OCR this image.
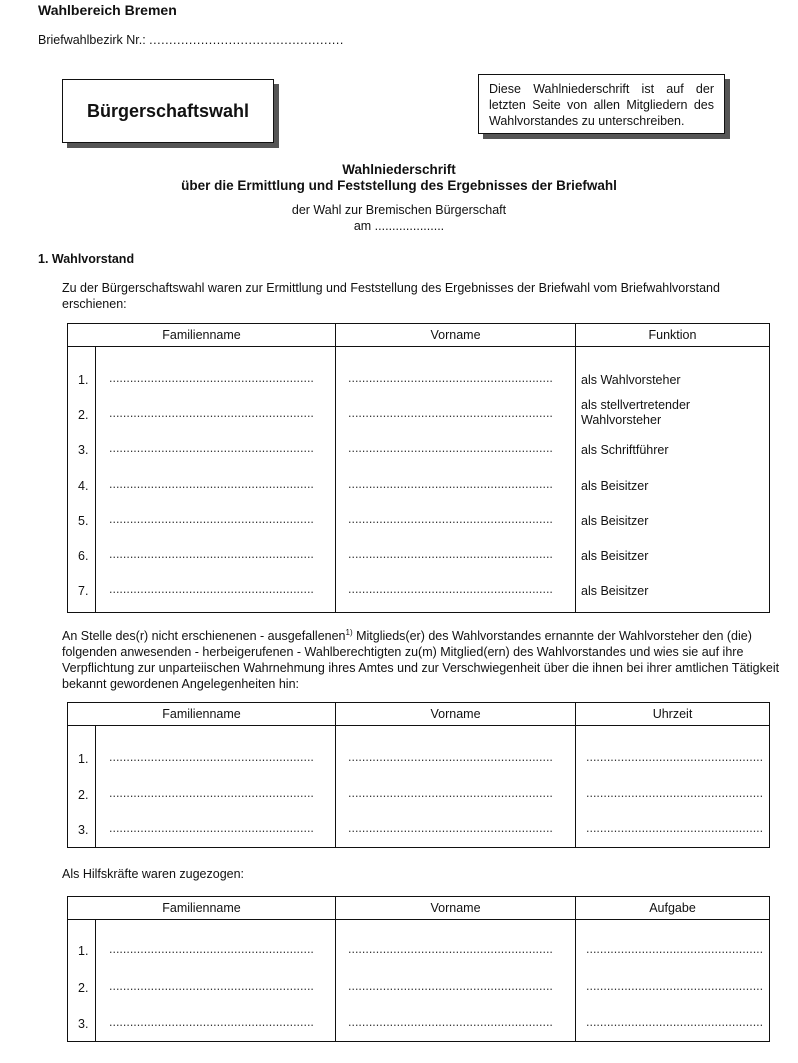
Wahlbereich Bremen
Briefwahlbezirk Nr.: .................................................
Bürgerschaftswahl
Diese Wahlniederschrift ist auf der letzten Seite von allen Mitgliedern des Wahlvorstandes zu unterschreiben.
Wahlniederschrift
über die Ermittlung und Feststellung des Ergebnisses der Briefwahl
der Wahl zur Bremischen Bürgerschaft
am ....................
1. Wahlvorstand
Zu der Bürgerschaftswahl waren zur Ermittlung und Feststellung des Ergebnisses der Briefwahl vom Briefwahlvorstand erschienen:
Familienname	Vorname	Funktion
1. ...........................................................	........................................................... als Wahlvorsteher
2. ...........................................................	...........................................................
als stellvertretender
Wahlvorsteher
3. ...........................................................	........................................................... als Schriftführer
4. ...........................................................	........................................................... als Beisitzer
5. ...........................................................	........................................................... als Beisitzer
6. ...........................................................	........................................................... als Beisitzer
7. ...........................................................	........................................................... als Beisitzer
An Stelle des(r) nicht erschienenen - ausgefallenen$^{1)}$ Mitglieds(er) des Wahlvorstandes ernannte der Wahlvorsteher den (die) folgenden anwesenden - herbeigerufenen - Wahlberechtigten zu(m) Mitglied(ern) des Wahlvorstandes und wies sie auf ihre Verpflichtung zur unparteiischen Wahrnehmung ihres Amtes und zur Verschwiegenheit über die ihnen bei ihrer amtlichen Tätigkeit bekannt gewordenen Angelegenheiten hin:
Familienname	Vorname	Uhrzeit
1. ...........................................................	...........................................................	...................................................
2. ...........................................................	...........................................................	...................................................
3. ...........................................................	...........................................................	...................................................
Als Hilfskräfte waren zugezogen:
Familienname	Vorname	Aufgabe
1. ...........................................................	...........................................................	...................................................
2. ...........................................................	...........................................................	...................................................
3. ...........................................................	...........................................................	...................................................
